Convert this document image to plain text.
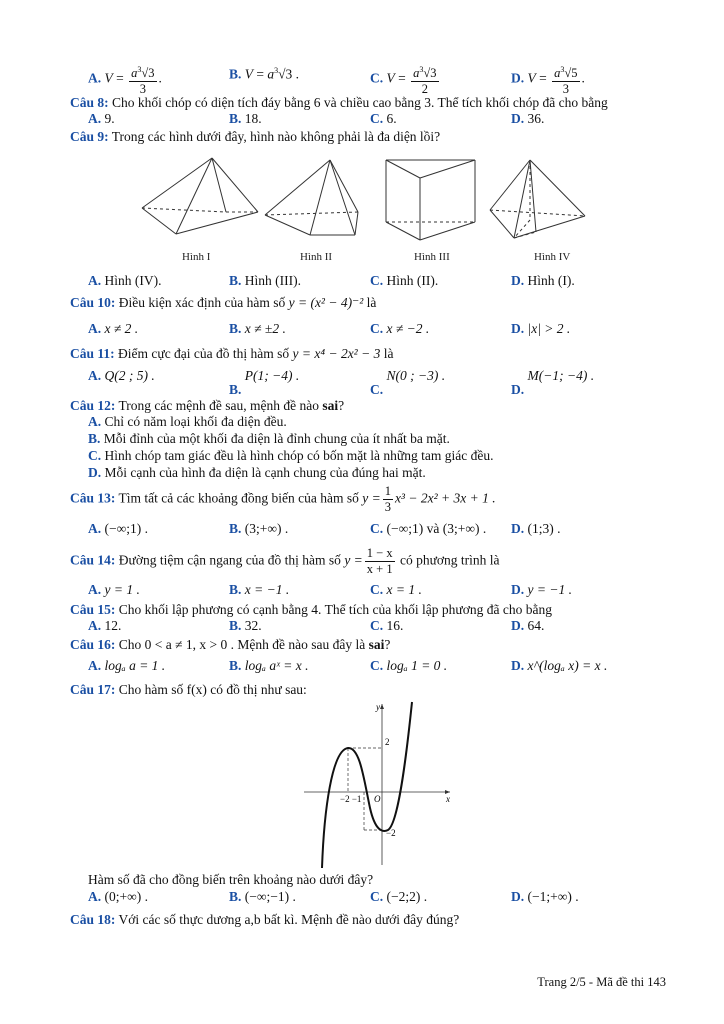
A. $V = \frac{a^3√3}{3}$ .	B. $V = a^3√3$ .	C. $V = \frac{a^3√3}{2}$	D. $V = \frac{a^3√5}{3}$ .
Câu 8: Cho khối chóp có diện tích đáy bằng 6 và chiều cao bằng 3. Thể tích khối chóp đã cho bằng
A. 9.	B. 18.	C. 6.	D. 36.
Câu 9: Trong các hình dưới đây, hình nào không phải là đa diện lồi?
Hình I	Hình II	Hình III	Hình IV
A. Hình (IV).	B. Hình (III).	C. Hình (II).	D. Hình (I).
Câu 10: Điều kiện xác định của hàm số y = (x² − 4)⁻² là
A. x ≠ 2 .	B. x ≠ ±2 .	C. x ≠ −2 .	D. |x| > 2 .
Câu 11: Điểm cực đại của đồ thị hàm số y = x⁴ − 2x² − 3 là
A. Q(2 ; 5) .
B. P(1; −4) .
C. N(0 ; −3) .
D. M(−1; −4) .
Câu 12: Trong các mệnh đề sau, mệnh đề nào sai?
A. Chỉ có năm loại khối đa diện đều.
B. Mỗi đỉnh của một khối đa diện là đỉnh chung của ít nhất ba mặt.
C. Hình chóp tam giác đều là hình chóp có bốn mặt là những tam giác đều.
D. Mỗi cạnh của hình đa diện là cạnh chung của đúng hai mặt.
Câu 13: Tìm tất cả các khoảng đồng biến của hàm số $y = \frac{1}{3} x^3 - 2x^2 + 3x + 1$ .
A. (−∞;1) .	B. (3;+∞) .	C. (−∞;1) và (3;+∞) . D. (1;3) .
Câu 14: Đường tiệm cận ngang của đồ thị hàm số $y = \frac{1 - x}{x + 1}$ có phương trình là
A. y = 1 .	B. x = −1 .	C. x = 1 .	D. y = −1 .
Câu 15: Cho khối lập phương có cạnh bằng 4. Thể tích của khối lập phương đã cho bằng
A. 12.	B. 32.	C. 16.	D. 64.
Câu 16: Cho 0 < a ≠ 1, x > 0 . Mệnh đề nào sau đây là sai?
A. logₐ a = 1 .	B. logₐ aˣ = x .	C. logₐ 1 = 0 .	D. x^(logₐ x) = x .
Câu 17: Cho hàm số f(x) có đồ thị như sau:
y
x
O
2
−2
−2 −1
Hàm số đã cho đồng biến trên khoảng nào dưới đây?
A. (0;+∞) .	B. (−∞;−1) .	C. (−2;2) .	D. (−1;+∞) .
Câu 18: Với các số thực dương a,b bất kì. Mệnh đề nào dưới đây đúng?
Trang 2/5 - Mã đề thi 143
